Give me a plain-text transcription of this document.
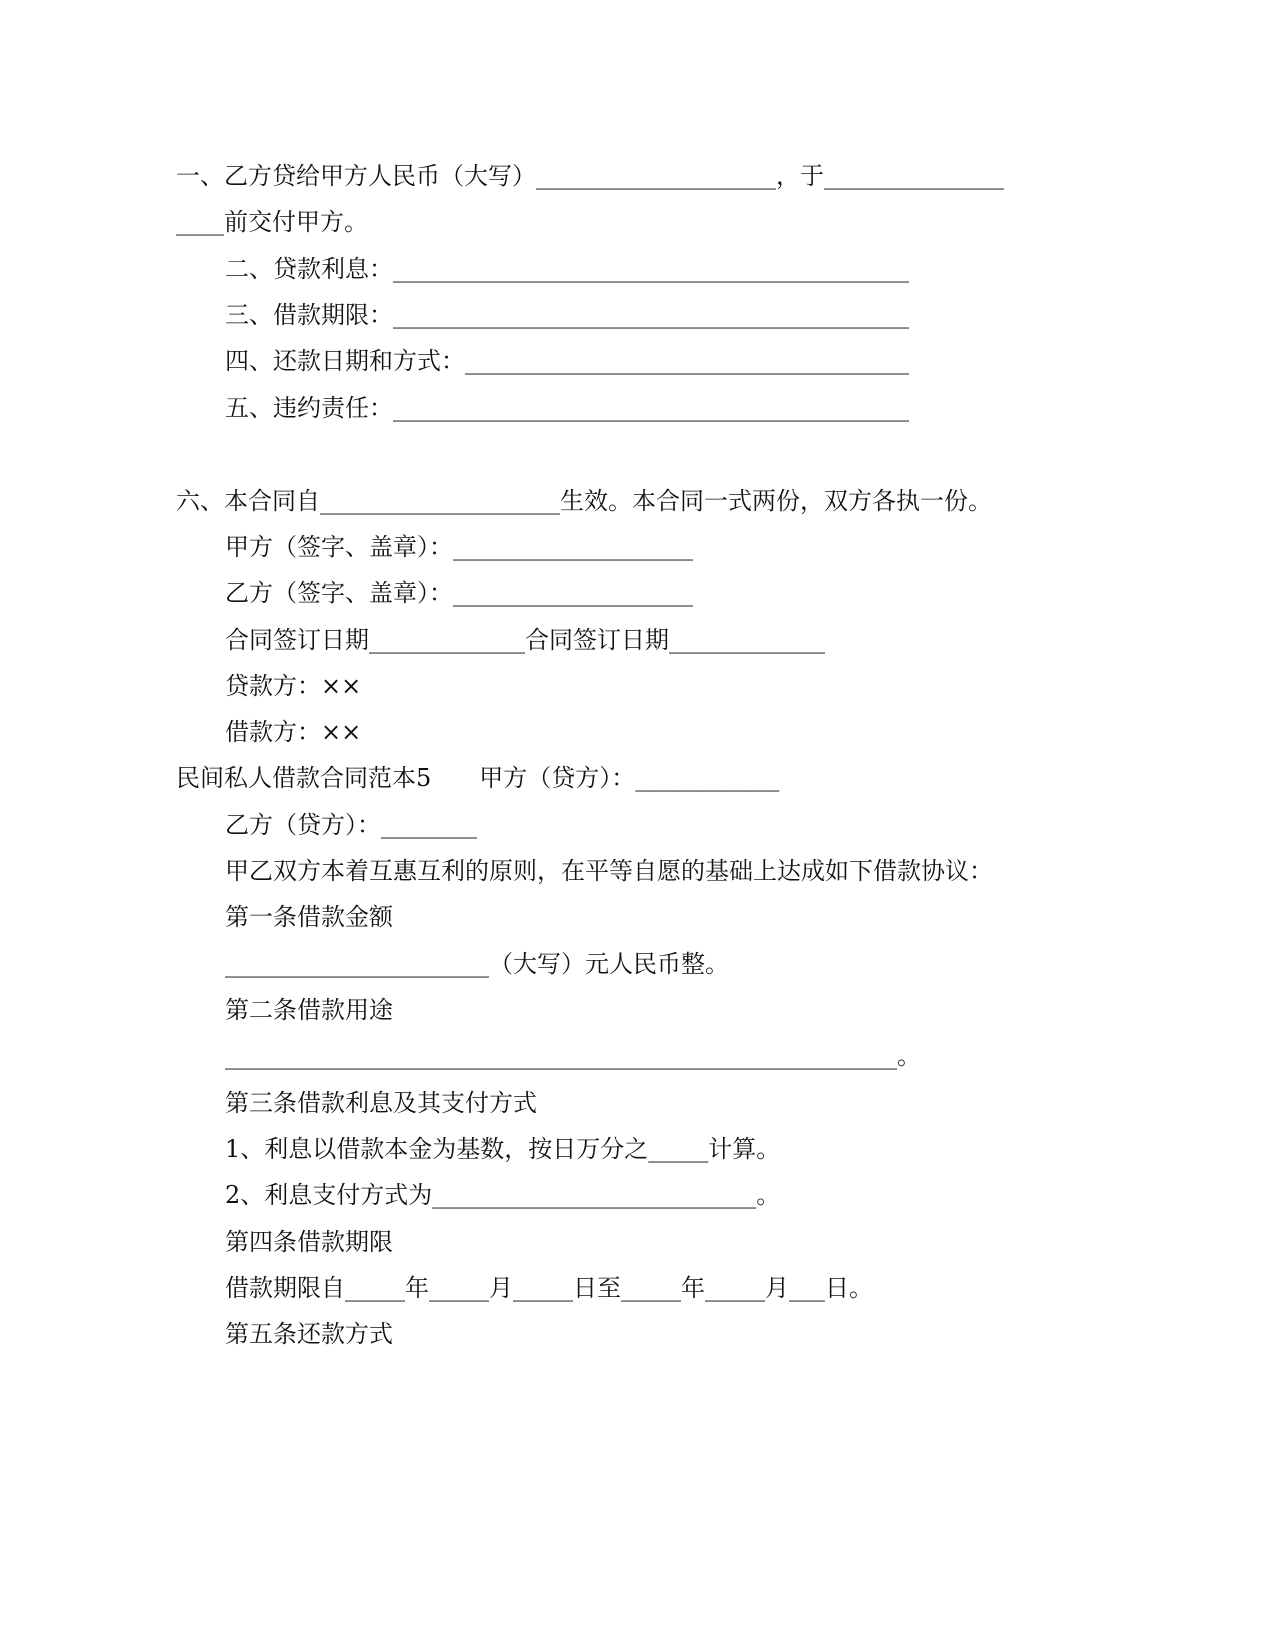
一、乙方贷给甲方人民币（大写）____________________，于_______________
____前交付甲方。
二、贷款利息：___________________________________________
三、借款期限：___________________________________________
四、还款日期和方式：_____________________________________
五、违约责任：___________________________________________
六、本合同自____________________生效。本合同一式两份，双方各执一份。
甲方（签字、盖章）：____________________
乙方（签字、盖章）：____________________
合同签订日期_____________合同签订日期_____________
贷款方：××
借款方：××
民间私人借款合同范本5　　甲方（贷方）：____________
乙方（贷方）：________
甲乙双方本着互惠互利的原则，在平等自愿的基础上达成如下借款协议：
第一条借款金额
______________________（大写）元人民币整。
第二条借款用途
________________________________________________________。
第三条借款利息及其支付方式
1、利息以借款本金为基数，按日万分之_____计算。
2、利息支付方式为___________________________。
第四条借款期限
借款期限自_____年_____月_____日至_____年_____月___日。
第五条还款方式
